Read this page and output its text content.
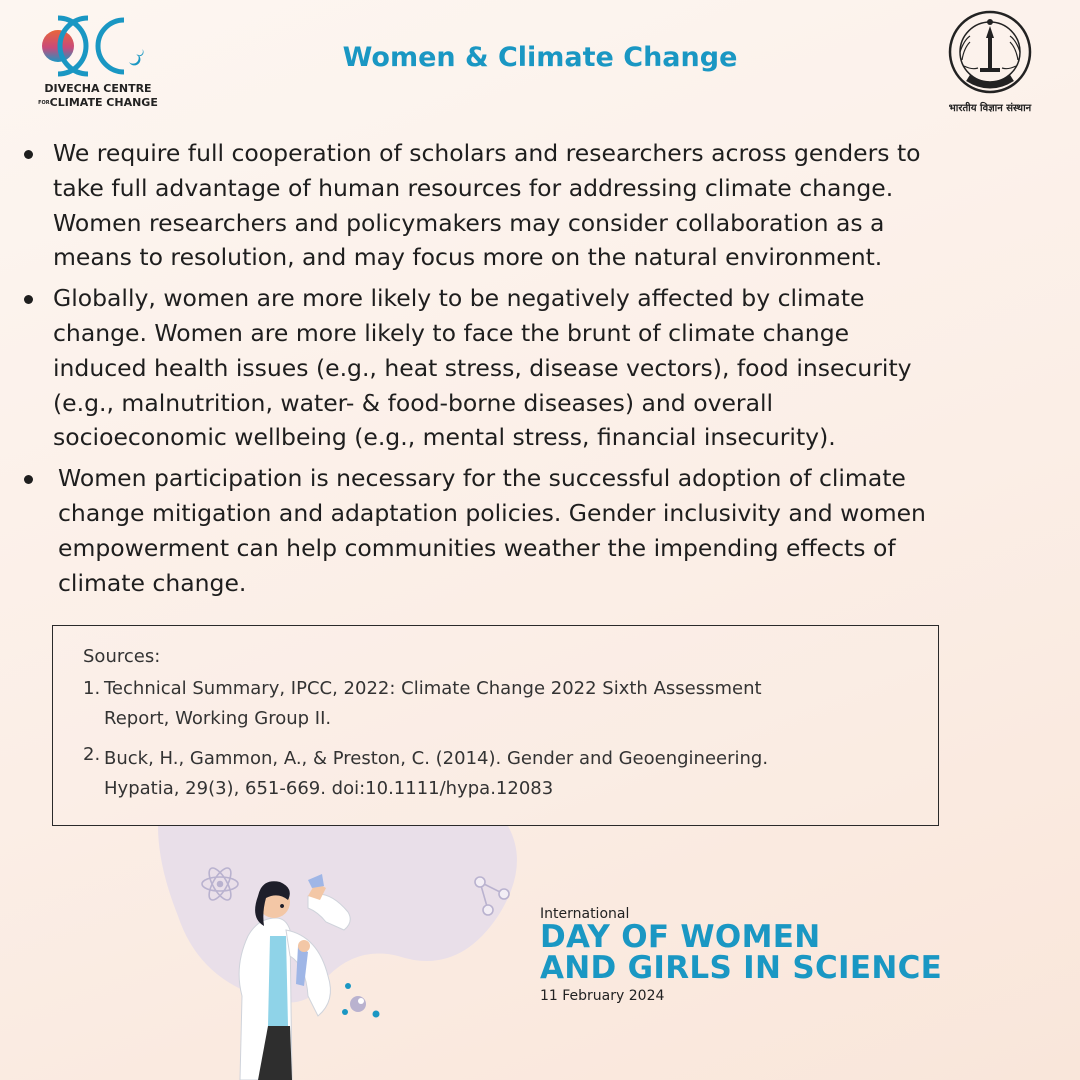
DIVECHA CENTRE
FORCLIMATE CHANGE
Women & Climate Change
भारतीय विज्ञान संस्थान
We require full cooperation of scholars and researchers across genders to
take full advantage of human resources for addressing climate change.
Women researchers and policymakers may consider collaboration as a
means to resolution, and may focus more on the natural environment.
Globally, women are more likely to be negatively affected by climate
change. Women are more likely to face the brunt of climate change
induced health issues (e.g., heat stress, disease vectors), food insecurity
(e.g., malnutrition, water- & food-borne diseases) and overall
socioeconomic wellbeing (e.g., mental stress, financial insecurity).
Women participation is necessary for the successful adoption of climate
change mitigation and adaptation policies. Gender inclusivity and women
empowerment can help communities weather the impending effects of
climate change.
Sources:
1. Technical Summary, IPCC, 2022: Climate Change 2022 Sixth Assessment
Report, Working Group II.
2. Buck, H., Gammon, A., & Preston, C. (2014). Gender and Geoengineering.
Hypatia, 29(3), 651-669. doi:10.1111/hypa.12083
International
DAY OF WOMEN
AND GIRLS IN SCIENCE
11 February 2024
